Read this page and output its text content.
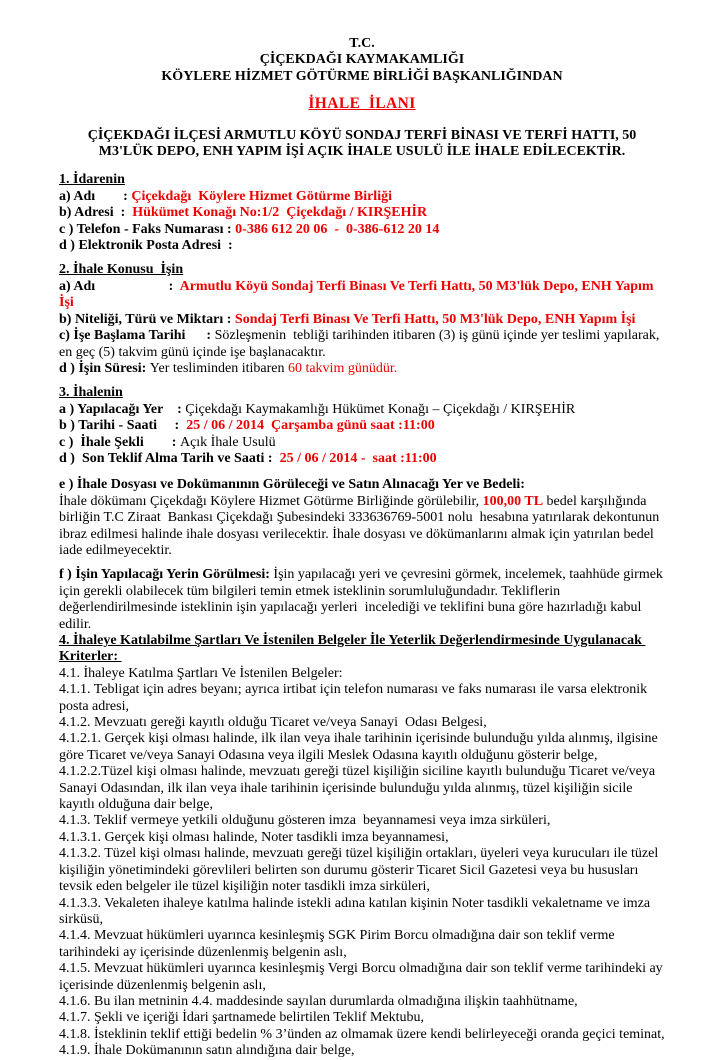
T.C.
ÇİÇEKDAĞI KAYMAKAMLIĞI
KÖYLERE HİZMET GÖTÜRME BİRLİĞİ BAŞKANLIĞINDAN
İHALE  İLANI
ÇİÇEKDAĞI İLÇESİ ARMUTLU KÖYÜ SONDAJ TERFİ BİNASI VE TERFİ HATTI, 50 M3'LÜK DEPO, ENH YAPIM İŞİ AÇIK İHALE USULÜ İLE İHALE EDİLECEKTİR.
1. İdarenin
a) Adı        : Çiçekdağı  Köylere Hizmet Götürme Birliği
b) Adresi  :  Hükümet Konağı No:1/2  Çiçekdağı / KIRŞEHİR
c ) Telefon - Faks Numarası : 0-386 612 20 06  -  0-386-612 20 14
d ) Elektronik Posta Adresi  :
2. İhale Konusu  İşin
a) Adı                     :  Armutlu Köyü Sondaj Terfi Binası Ve Terfi Hattı, 50 M3'lük Depo, ENH Yapım İşi
b) Niteliği, Türü ve Miktarı : Sondaj Terfi Binası Ve Terfi Hattı, 50 M3'lük Depo, ENH Yapım İşi
c) İşe Başlama Tarihi      : Sözleşmenin  tebliği tarihinden itibaren (3) iş günü içinde yer teslimi yapılarak, en geç (5) takvim günü içinde işe başlanacaktır.
d ) İşin Süresi: Yer tesliminden itibaren 60 takvim günüdür.
3. İhalenin
a ) Yapılacağı Yer    : Çiçekdağı Kaymakamlığı Hükümet Konağı – Çiçekdağı / KIRŞEHİR
b ) Tarihi - Saati     :  25 / 06 / 2014  Çarşamba günü saat :11:00
c )  İhale Şekli        : Açık İhale Usulü
d )  Son Teklif Alma Tarih ve Saati :  25 / 06 / 2014 -  saat :11:00
e ) İhale Dosyası ve Dokümanının Görüleceği ve Satın Alınacağı Yer ve Bedeli:
İhale dökümanı Çiçekdağı Köylere Hizmet Götürme Birliğinde görülebilir, 100,00 TL bedel karşılığında birliğin T.C Ziraat  Bankası Çiçekdağı Şubesindeki 333636769-5001 nolu  hesabına yatırılarak dekontunun ibraz edilmesi halinde ihale dosyası verilecektir. İhale dosyası ve dökümanlarını almak için yatırılan bedel  iade edilmeyecektir.
f ) İşin Yapılacağı Yerin Görülmesi: İşin yapılacağı yeri ve çevresini görmek, incelemek, taahhüde girmek için gerekli olabilecek tüm bilgileri temin etmek isteklinin sorumluluğundadır. Tekliflerin değerlendirilmesinde isteklinin işin yapılacağı yerleri  incelediği ve teklifini buna göre hazırladığı kabul edilir.
4. İhaleye Katılabilme Şartları Ve İstenilen Belgeler İle Yeterlik Değerlendirmesinde Uygulanacak Kriterler:
4.1. İhaleye Katılma Şartları Ve İstenilen Belgeler:
4.1.1. Tebligat için adres beyanı; ayrıca irtibat için telefon numarası ve faks numarası ile varsa elektronik posta adresi,
4.1.2. Mevzuatı gereği kayıtlı olduğu Ticaret ve/veya Sanayi  Odası Belgesi,
4.1.2.1. Gerçek kişi olması halinde, ilk ilan veya ihale tarihinin içerisinde bulunduğu yılda alınmış, ilgisine göre Ticaret ve/veya Sanayi Odasına veya ilgili Meslek Odasına kayıtlı olduğunu gösterir belge,
4.1.2.2.Tüzel kişi olması halinde, mevzuatı gereği tüzel kişiliğin siciline kayıtlı bulunduğu Ticaret ve/veya Sanayi Odasından, ilk ilan veya ihale tarihinin içerisinde bulunduğu yılda alınmış, tüzel kişiliğin sicile kayıtlı olduğuna dair belge,
4.1.3. Teklif vermeye yetkili olduğunu gösteren imza  beyannamesi veya imza sirküleri,
4.1.3.1. Gerçek kişi olması halinde, Noter tasdikli imza beyannamesi,
4.1.3.2. Tüzel kişi olması halinde, mevzuatı gereği tüzel kişiliğin ortakları, üyeleri veya kurucuları ile tüzel kişiliğin yönetimindeki görevlileri belirten son durumu gösterir Ticaret Sicil Gazetesi veya bu hususları tevsik eden belgeler ile tüzel kişiliğin noter tasdikli imza sirküleri,
4.1.3.3. Vekaleten ihaleye katılma halinde istekli adına katılan kişinin Noter tasdikli vekaletname ve imza sirküsü,
4.1.4. Mevzuat hükümleri uyarınca kesinleşmiş SGK Pirim Borcu olmadığına dair son teklif verme tarihindeki ay içerisinde düzenlenmiş belgenin aslı,
4.1.5. Mevzuat hükümleri uyarınca kesinleşmiş Vergi Borcu olmadığına dair son teklif verme tarihindeki ay içerisinde düzenlenmiş belgenin aslı,
4.1.6. Bu ilan metninin 4.4. maddesinde sayılan durumlarda olmadığına ilişkin taahhütname,
4.1.7. Şekli ve içeriği İdari şartnamede belirtilen Teklif Mektubu,
4.1.8. İsteklinin teklif ettiği bedelin % 3’ünden az olmamak üzere kendi belirleyeceği oranda geçici teminat,
4.1.9. İhale Dokümanının satın alındığına dair belge,
